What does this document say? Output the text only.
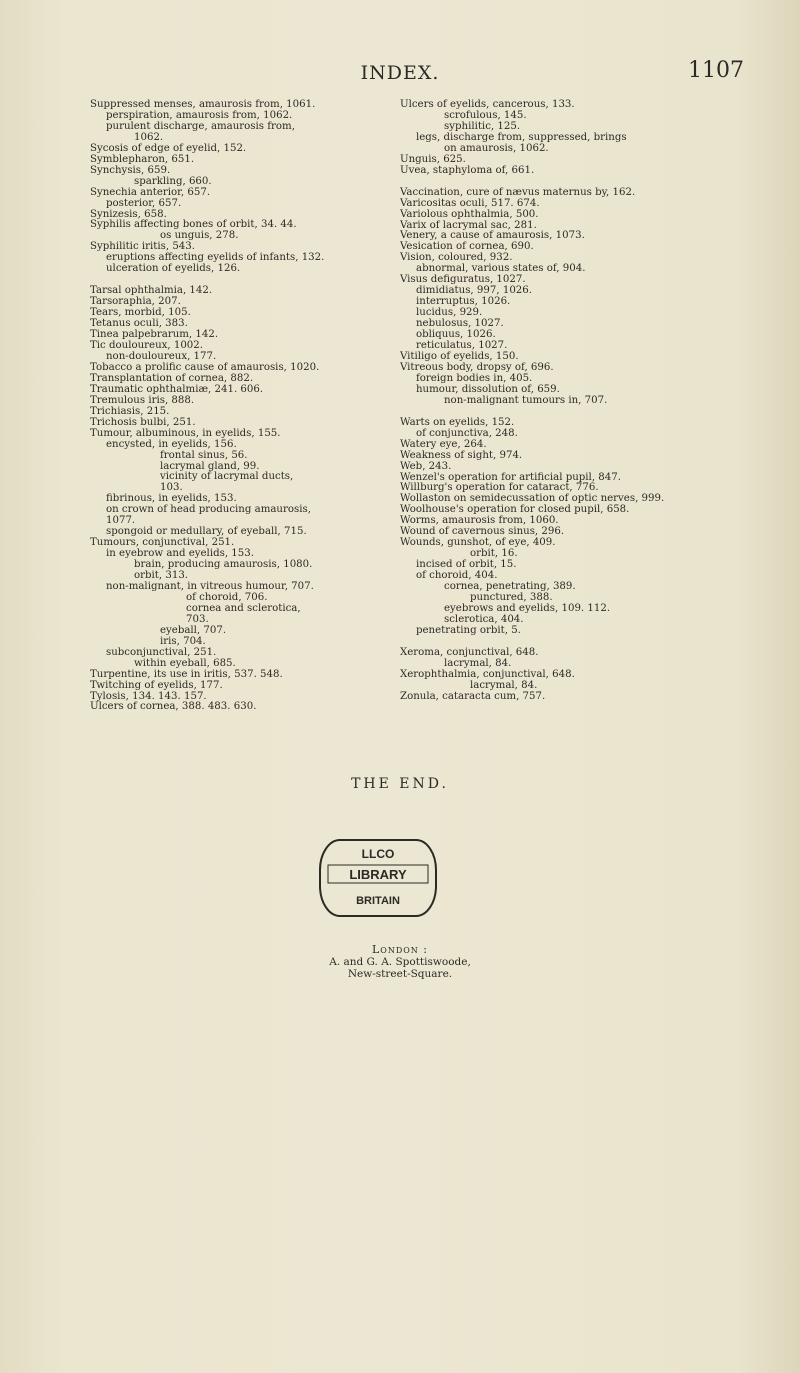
INDEX.	1107
Suppressed menses, amaurosis from, 1061.
perspiration, amaurosis from, 1062.
purulent discharge, amaurosis from,
1062.
Sycosis of edge of eyelid, 152.
Symblepharon, 651.
Synchysis, 659.
sparkling, 660.
Synechia anterior, 657.
posterior, 657.
Synizesis, 658.
Syphilis affecting bones of orbit, 34. 44.
os unguis, 278.
Syphilitic iritis, 543.
eruptions affecting eyelids of infants, 132.
ulceration of eyelids, 126.
Tarsal ophthalmia, 142.
Tarsoraphia, 207.
Tears, morbid, 105.
Tetanus oculi, 383.
Tinea palpebrarum, 142.
Tic douloureux, 1002.
non-douloureux, 177.
Tobacco a prolific cause of amaurosis, 1020.
Transplantation of cornea, 882.
Traumatic ophthalmiæ, 241. 606.
Tremulous iris, 888.
Trichiasis, 215.
Trichosis bulbi, 251.
Tumour, albuminous, in eyelids, 155.
encysted, in eyelids, 156.
frontal sinus, 56.
lacrymal gland, 99.
vicinity of lacrymal ducts,
103.
fibrinous, in eyelids, 153.
on crown of head producing amaurosis,
1077.
spongoid or medullary, of eyeball, 715.
Tumours, conjunctival, 251.
in eyebrow and eyelids, 153.
brain, producing amaurosis, 1080.
orbit, 313.
non-malignant, in vitreous humour, 707.
of choroid, 706.
cornea and sclerotica,
703.
eyeball, 707.
iris, 704.
subconjunctival, 251.
within eyeball, 685.
Turpentine, its use in iritis, 537. 548.
Twitching of eyelids, 177.
Tylosis, 134. 143. 157.
Ulcers of cornea, 388. 483. 630.
Ulcers of eyelids, cancerous, 133.
scrofulous, 145.
syphilitic, 125.
legs, discharge from, suppressed, brings
on amaurosis, 1062.
Unguis, 625.
Uvea, staphyloma of, 661.
Vaccination, cure of nævus maternus by, 162.
Varicositas oculi, 517. 674.
Variolous ophthalmia, 500.
Varix of lacrymal sac, 281.
Venery, a cause of amaurosis, 1073.
Vesication of cornea, 690.
Vision, coloured, 932.
abnormal, various states of, 904.
Visus defiguratus, 1027.
dimidiatus, 997, 1026.
interruptus, 1026.
lucidus, 929.
nebulosus, 1027.
obliquus, 1026.
reticulatus, 1027.
Vitiligo of eyelids, 150.
Vitreous body, dropsy of, 696.
foreign bodies in, 405.
humour, dissolution of, 659.
non-malignant tumours in, 707.
Warts on eyelids, 152.
of conjunctiva, 248.
Watery eye, 264.
Weakness of sight, 974.
Web, 243.
Wenzel's operation for artificial pupil, 847.
Willburg's operation for cataract, 776.
Wollaston on semidecussation of optic nerves, 999.
Woolhouse's operation for closed pupil, 658.
Worms, amaurosis from, 1060.
Wound of cavernous sinus, 296.
Wounds, gunshot, of eye, 409.
orbit, 16.
incised of orbit, 15.
of choroid, 404.
cornea, penetrating, 389.
punctured, 388.
eyebrows and eyelids, 109. 112.
sclerotica, 404.
penetrating orbit, 5.
Xeroma, conjunctival, 648.
lacrymal, 84.
Xerophthalmia, conjunctival, 648.
lacrymal, 84.
Zonula, cataracta cum, 757.
THE END.
LLCO
LIBRARY
BRITAIN
London :
A. and G. A. Spottiswoode,
New-street-Square.
